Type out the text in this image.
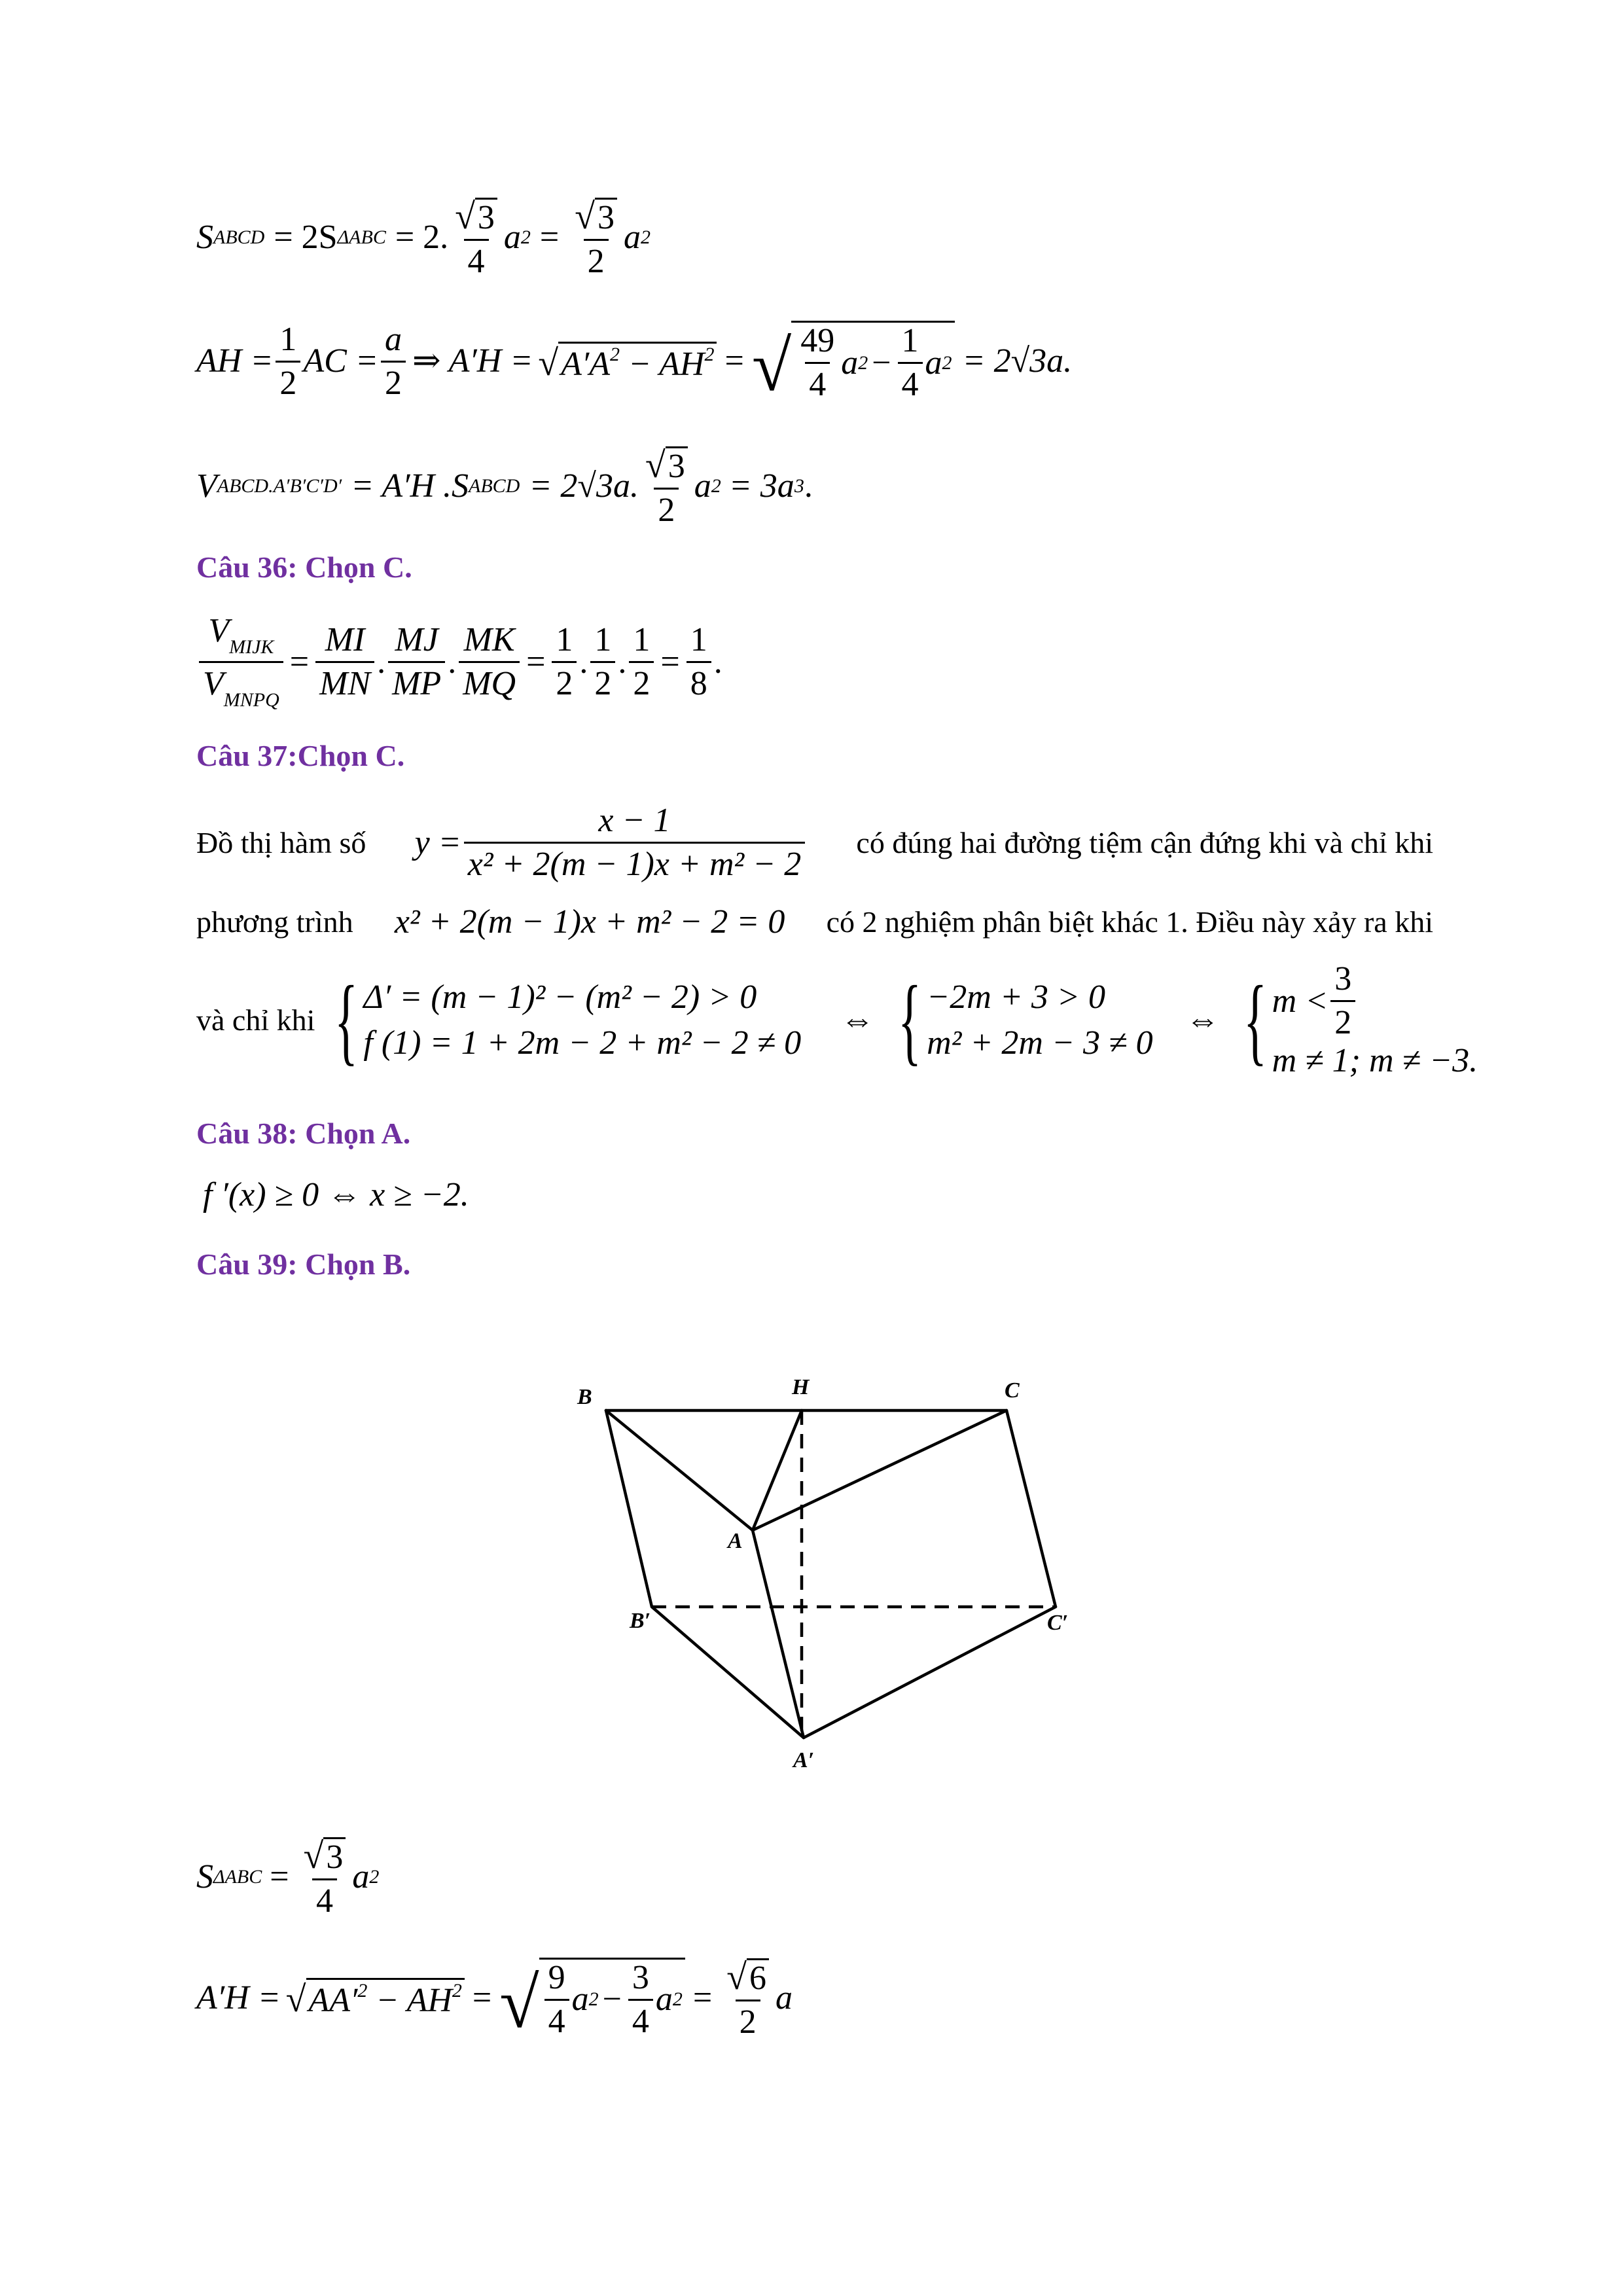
S ABCD = 2S ΔABC = 2. $\frac{√ 3}{4}$ a $2 = \frac{√ 3}{2}$ a 2
AH = $\frac{1}{2}$ AC = $\frac{a}{2}$ ⇒ A′H = √ $A'A^2 - AH^2$ = √ $\frac{49}{4}$ a $2 - \frac{1}{4}$ a 2 = 2√3a.
V ABCD.A′B′C′D′ = A′H .S ABCD = 2√3a. $\frac{√ 3}{2}$ a 2 = 3a 3 .
Câu 36: Chọn C.
$\frac{V_{MIJK}}{V_{MNPQ}} = \frac{MI}{MN}$ . $\frac{MJ}{MP}$ . $\frac{MK}{MQ} = \frac{1}{2}$ . $\frac{1}{2}$ . $\frac{1}{2} = \frac{1}{8}$ .
Câu 37:Chọn C.
Đồ thị hàm số $y = \frac{x - 1}{\text{x² + 2(m − 1)x + m² − 2}}$ có đúng hai đường tiệm cận đứng khi và chỉ khi
phương trình x² + 2(m − 1)x + m² − 2 = 0 có 2 nghiệm phân biệt khác 1. Điều này xảy ra khi
và chỉ khi { Δ′ = (m − 1)² − (m² − 2) > 0
f (1) = 1 + 2m − 2 + m² − 2 ≠ 0
⇔ { −2m + 3 > 0
m² + 2m − 3 ≠ 0
⇔ { $m < \frac{3}{2}$
m ≠ 1; m ≠ −3.
Câu 38: Chọn A.
f ′(x) ≥ 0 ⇔ x ≥ −2.
Câu 39: Chọn B.
B	H	C
A
B′	C′
A′
S $\Delta ABC = \frac{√ 3}{4}$ a 2
A′H = √ $AA'^2 - AH^2$ = √ $\frac{9}{4}$ a $2 - \frac{3}{4}$ a $2 = \frac{√ 6}{2}$ a
